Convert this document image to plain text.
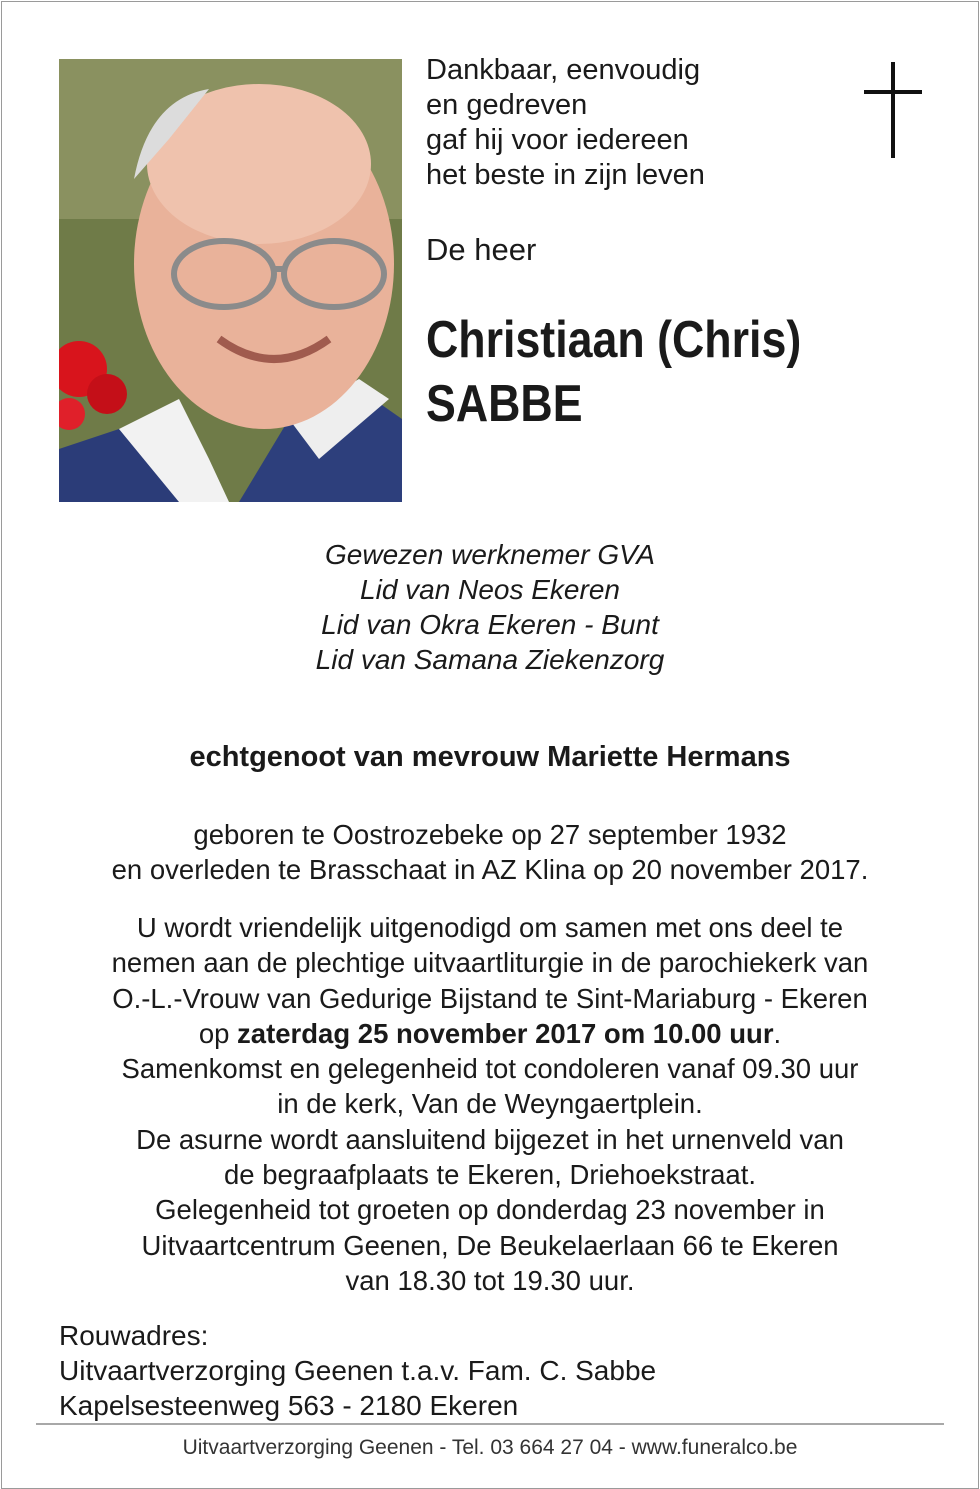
Dankbaar, eenvoudig
en gedreven
gaf hij voor iedereen
het beste in zijn leven
De heer
Christiaan (Chris)
SABBE
Gewezen werknemer GVA
Lid van Neos Ekeren
Lid van Okra Ekeren - Bunt
Lid van Samana Ziekenzorg
echtgenoot van mevrouw Mariette Hermans
geboren te Oostrozebeke op 27 september 1932
en overleden te Brasschaat in AZ Klina op 20 november 2017.
U wordt vriendelijk uitgenodigd om samen met ons deel te
nemen aan de plechtige uitvaartliturgie in de parochiekerk van
O.-L.-Vrouw van Gedurige Bijstand te Sint-Mariaburg - Ekeren
op zaterdag 25 november 2017 om 10.00 uur.
Samenkomst en gelegenheid tot condoleren vanaf 09.30 uur
in de kerk, Van de Weyngaertplein.
De asurne wordt aansluitend bijgezet in het urnenveld van
de begraafplaats te Ekeren, Driehoekstraat.
Gelegenheid tot groeten op donderdag 23 november in
Uitvaartcentrum Geenen, De Beukelaerlaan 66 te Ekeren
van 18.30 tot 19.30 uur.
Rouwadres:
Uitvaartverzorging Geenen t.a.v. Fam. C. Sabbe
Kapelsesteenweg 563 - 2180 Ekeren
Uitvaartverzorging Geenen - Tel. 03 664 27 04 - www.funeralco.be
